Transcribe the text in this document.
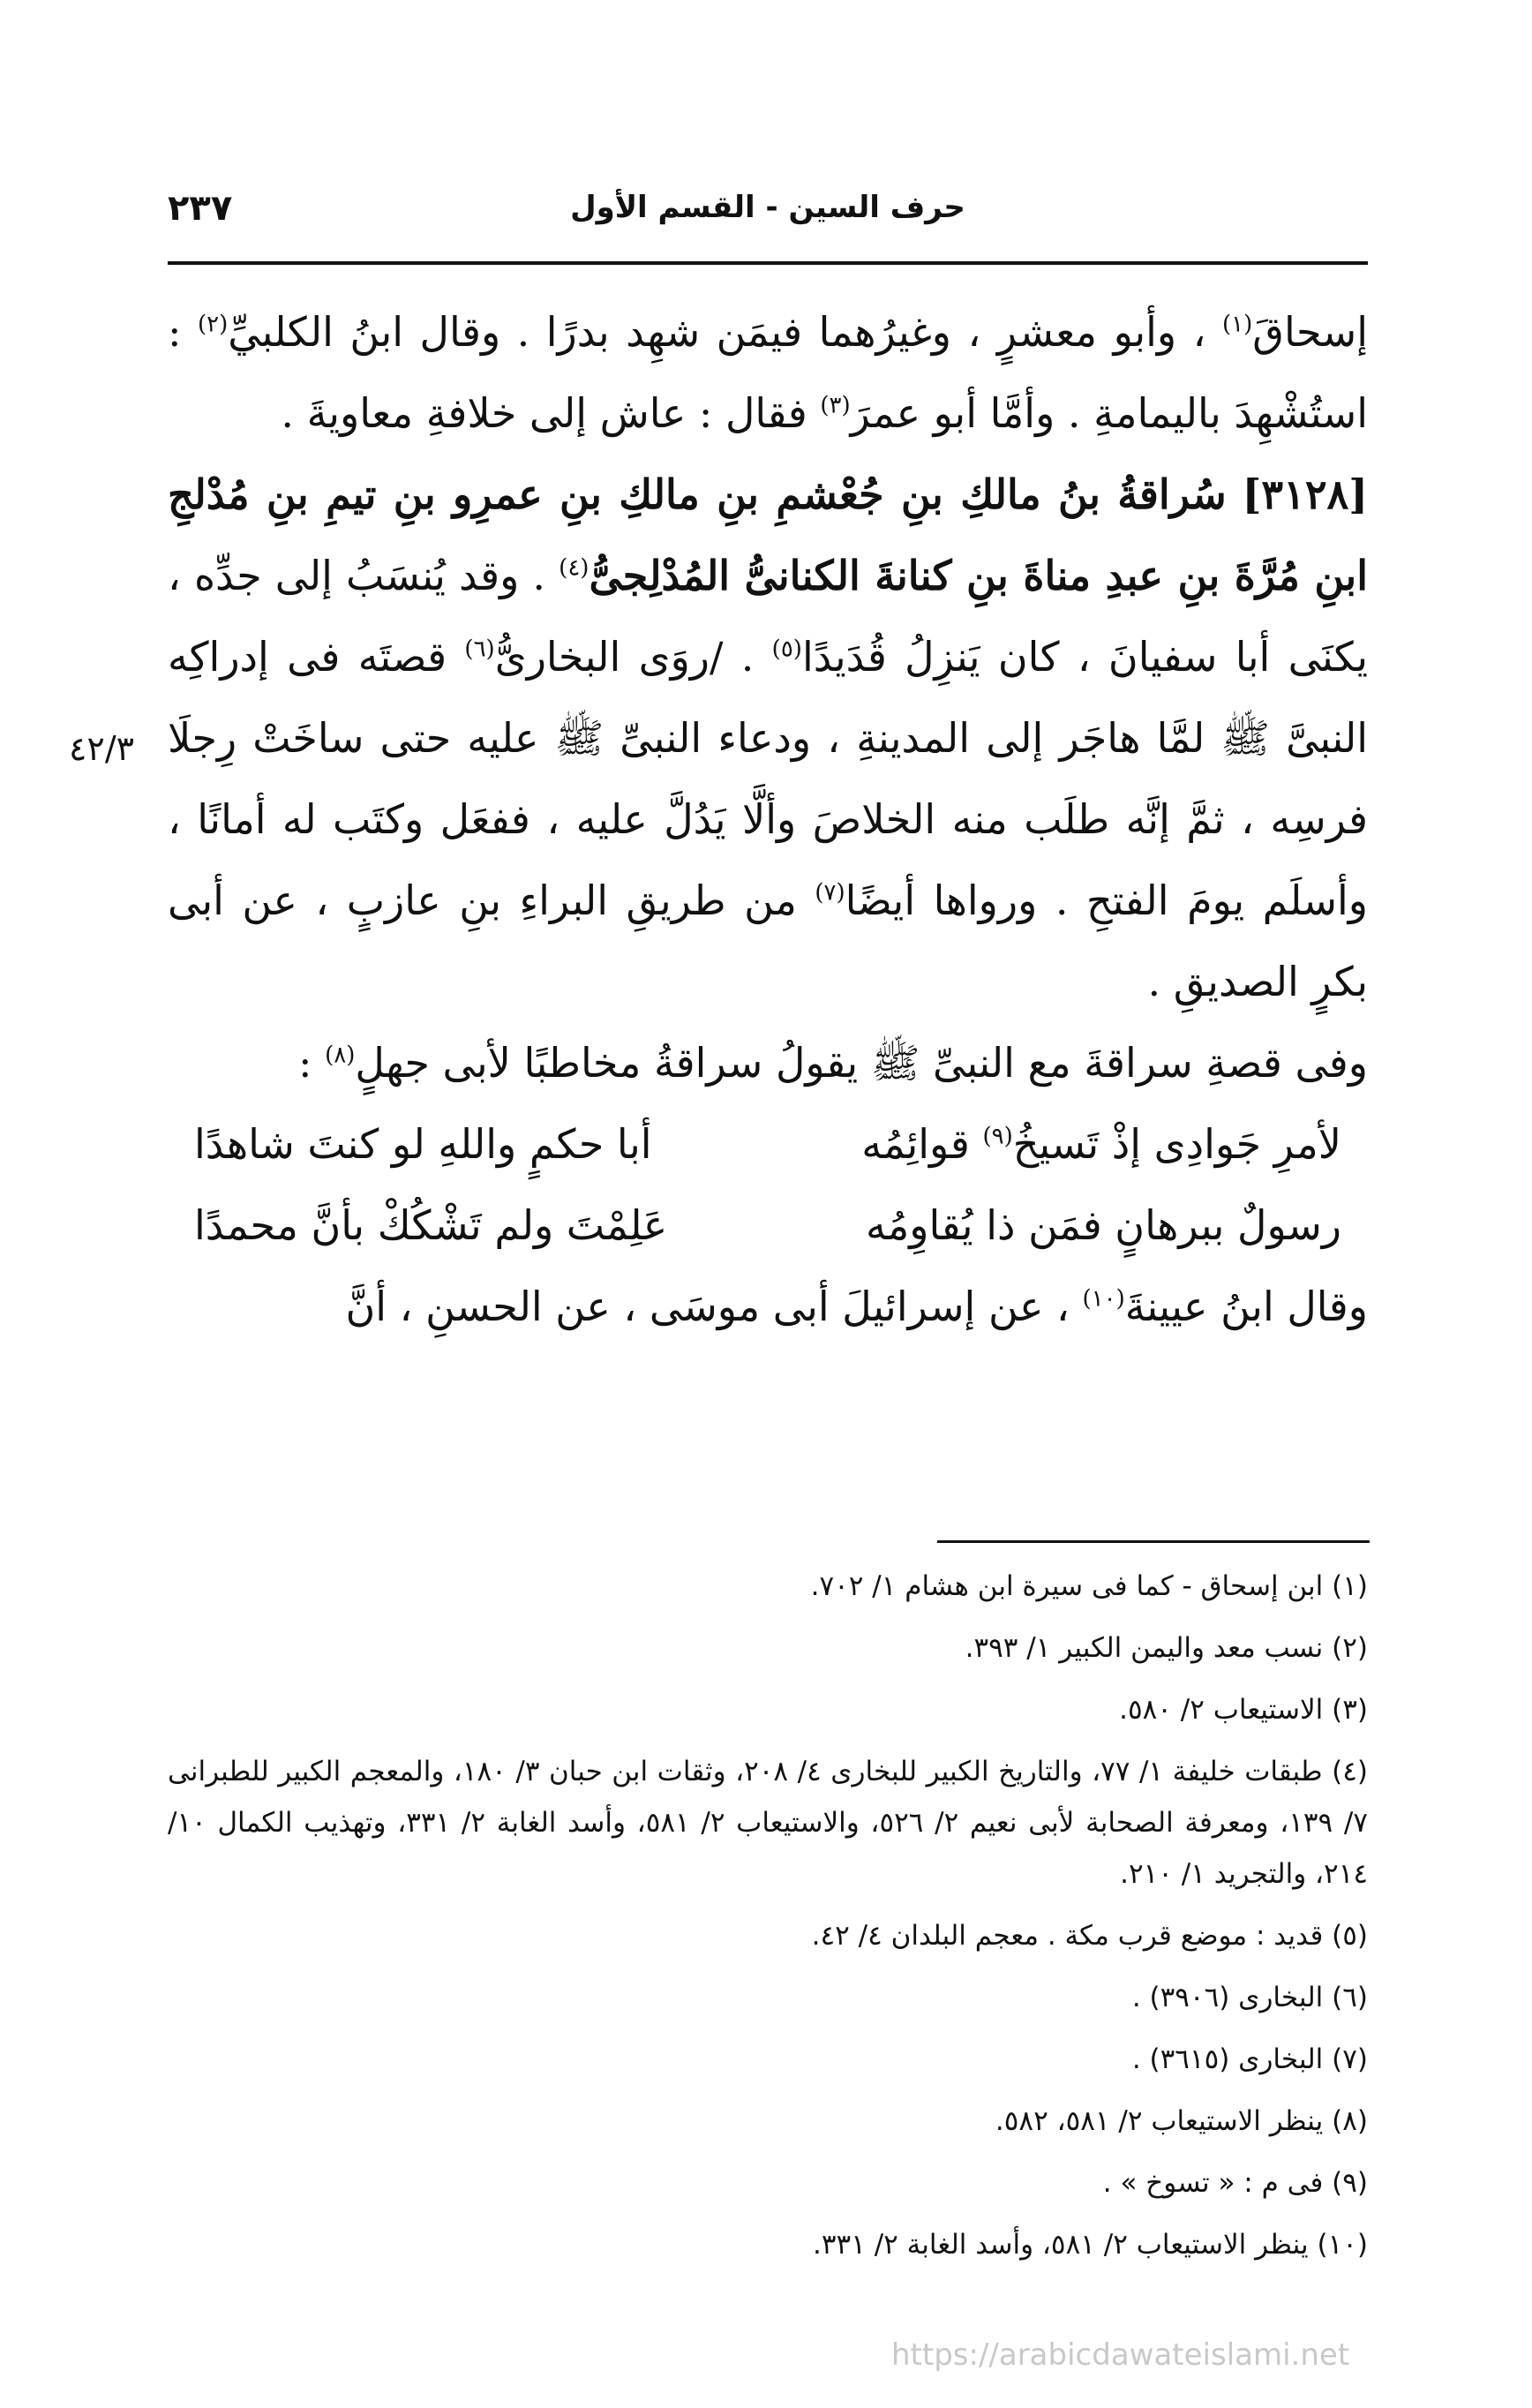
حرف السين - القسم الأول
٢٣٧
٤٢/٣

إسحاقَ$^{(١)}$ ، وأبو معشرٍ ، وغيرُهما فيمَن شهِد بدرًا . وقال ابنُ الكلبيِّ$^{(٢)}$ : استُشْهِدَ باليمامةِ . وأمَّا أبو عمرَ$^{(٣)}$ فقال : عاش إلى خلافةِ معاويةَ .

[٣١٢٨] سُراقةُ بنُ مالكِ بنِ جُعْشمِ بنِ مالكِ بنِ عمرِو بنِ تيمِ بنِ مُدْلجِ ابنِ مُرَّةَ بنِ عبدِ مناةَ بنِ كنانةَ الكنانىُّ المُدْلِجىُّ$^{(٤)}$ . وقد يُنسَبُ إلى جدِّه ، يكنَى أبا سفيانَ ، كان يَنزِلُ قُدَيدًا$^{(٥)}$ . /روَى البخارىُّ$^{(٦)}$ قصتَه فى إدراكِه النبىَّ ﷺ لمَّا هاجَر إلى المدينةِ ، ودعاء النبىِّ ﷺ عليه حتى ساخَتْ رِجلَا فرسِه ، ثمَّ إنَّه طلَب منه الخلاصَ وألَّا يَدُلَّ عليه ، ففعَل وكتَب له أمانًا ، وأسلَم يومَ الفتحِ . ورواها أيضًا$^{(٧)}$ من طريقِ البراءِ بنِ عازبٍ ، عن أبى بكرٍ الصديقِ .

وفى قصةِ سراقةَ مع النبىِّ ﷺ يقولُ سراقةُ مخاطبًا لأبى جهلٍ$^{(٨)}$ :

أبا حكمٍ واللهِ لو كنتَ شاهدًا	لأمرِ جَوادِى إذْ تَسيخُ$^{(٩)}$ قوائِمُه
عَلِمْتَ ولم تَشْكُكْ بأنَّ محمدًا	رسولٌ ببرهانٍ فمَن ذا يُقاوِمُه

وقال ابنُ عيينةَ$^{(١٠)}$ ، عن إسرائيلَ أبى موسَى ، عن الحسنِ ، أنَّ

(١) ابن إسحاق - كما فى سيرة ابن هشام ١/ ٧٠٢.

(٢) نسب معد واليمن الكبير ١/ ٣٩٣.

(٣) الاستيعاب ٢/ ٥٨٠.

(٤) طبقات خليفة ١/ ٧٧، والتاريخ الكبير للبخارى ٤/ ٢٠٨، وثقات ابن حبان ٣/ ١٨٠، والمعجم الكبير للطبرانى ٧/ ١٣٩، ومعرفة الصحابة لأبى نعيم ٢/ ٥٢٦، والاستيعاب ٢/ ٥٨١، وأسد الغابة ٢/ ٣٣١، وتهذيب الكمال ١٠/ ٢١٤، والتجريد ١/ ٢١٠.

(٥) قديد : موضع قرب مكة . معجم البلدان ٤/ ٤٢.

(٦) البخارى (٣٩٠٦) .

(٧) البخارى (٣٦١٥) .

(٨) ينظر الاستيعاب ٢/ ٥٨١، ٥٨٢.

(٩) فى م : « تسوخ » .

(١٠) ينظر الاستيعاب ٢/ ٥٨١، وأسد الغابة ٢/ ٣٣١.

https://arabicdawateislami.net
